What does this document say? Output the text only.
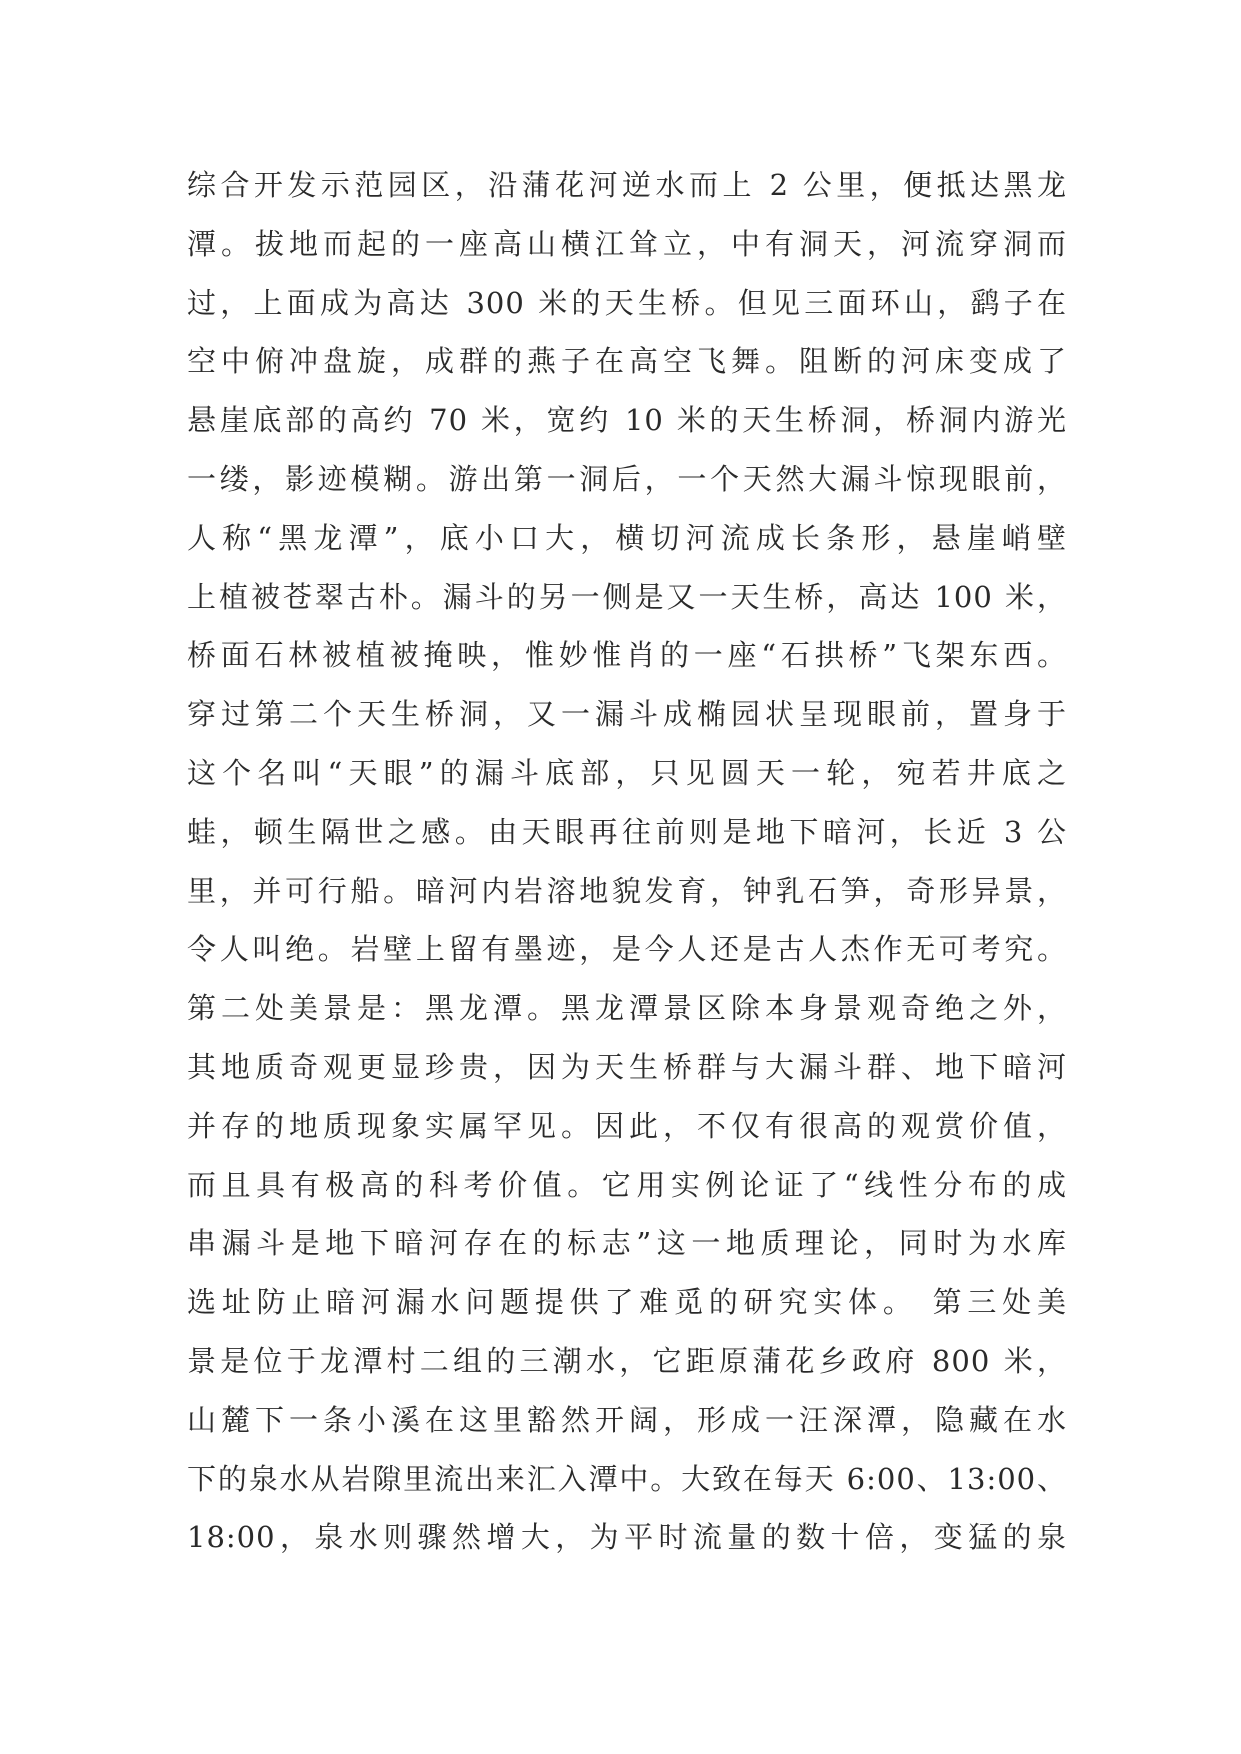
综合开发示范园区，沿蒲花河逆水而上 2 公里，便抵达黑龙
潭。拔地而起的一座高山横江耸立，中有洞天，河流穿洞而
过，上面成为高达 300 米的天生桥。但见三面环山，鹞子在
空中俯冲盘旋，成群的燕子在高空飞舞。阻断的河床变成了
悬崖底部的高约 70 米，宽约 10 米的天生桥洞，桥洞内游光
一缕，影迹模糊。游出第一洞后，一个天然大漏斗惊现眼前，
人称“黑龙潭”，底小口大，横切河流成长条形，悬崖峭壁
上植被苍翠古朴。漏斗的另一侧是又一天生桥，高达 100 米，
桥面石林被植被掩映，惟妙惟肖的一座“石拱桥”飞架东西。
穿过第二个天生桥洞，又一漏斗成椭园状呈现眼前，置身于
这个名叫“天眼”的漏斗底部，只见圆天一轮，宛若井底之
蛙，顿生隔世之感。由天眼再往前则是地下暗河，长近 3 公
里，并可行船。暗河内岩溶地貌发育，钟乳石笋，奇形异景，
令人叫绝。岩壁上留有墨迹，是今人还是古人杰作无可考究。
第二处美景是：黑龙潭。黑龙潭景区除本身景观奇绝之外，
其地质奇观更显珍贵，因为天生桥群与大漏斗群、地下暗河
并存的地质现象实属罕见。因此，不仅有很高的观赏价值，
而且具有极高的科考价值。它用实例论证了“线性分布的成
串漏斗是地下暗河存在的标志”这一地质理论，同时为水库
选址防止暗河漏水问题提供了难觅的研究实体。 第三处美
景是位于龙潭村二组的三潮水，它距原蒲花乡政府 800 米，
山麓下一条小溪在这里豁然开阔，形成一汪深潭，隐藏在水
下的泉水从岩隙里流出来汇入潭中。大致在每天 6:00、13:00、
18:00，泉水则骤然增大，为平时流量的数十倍，变猛的泉
